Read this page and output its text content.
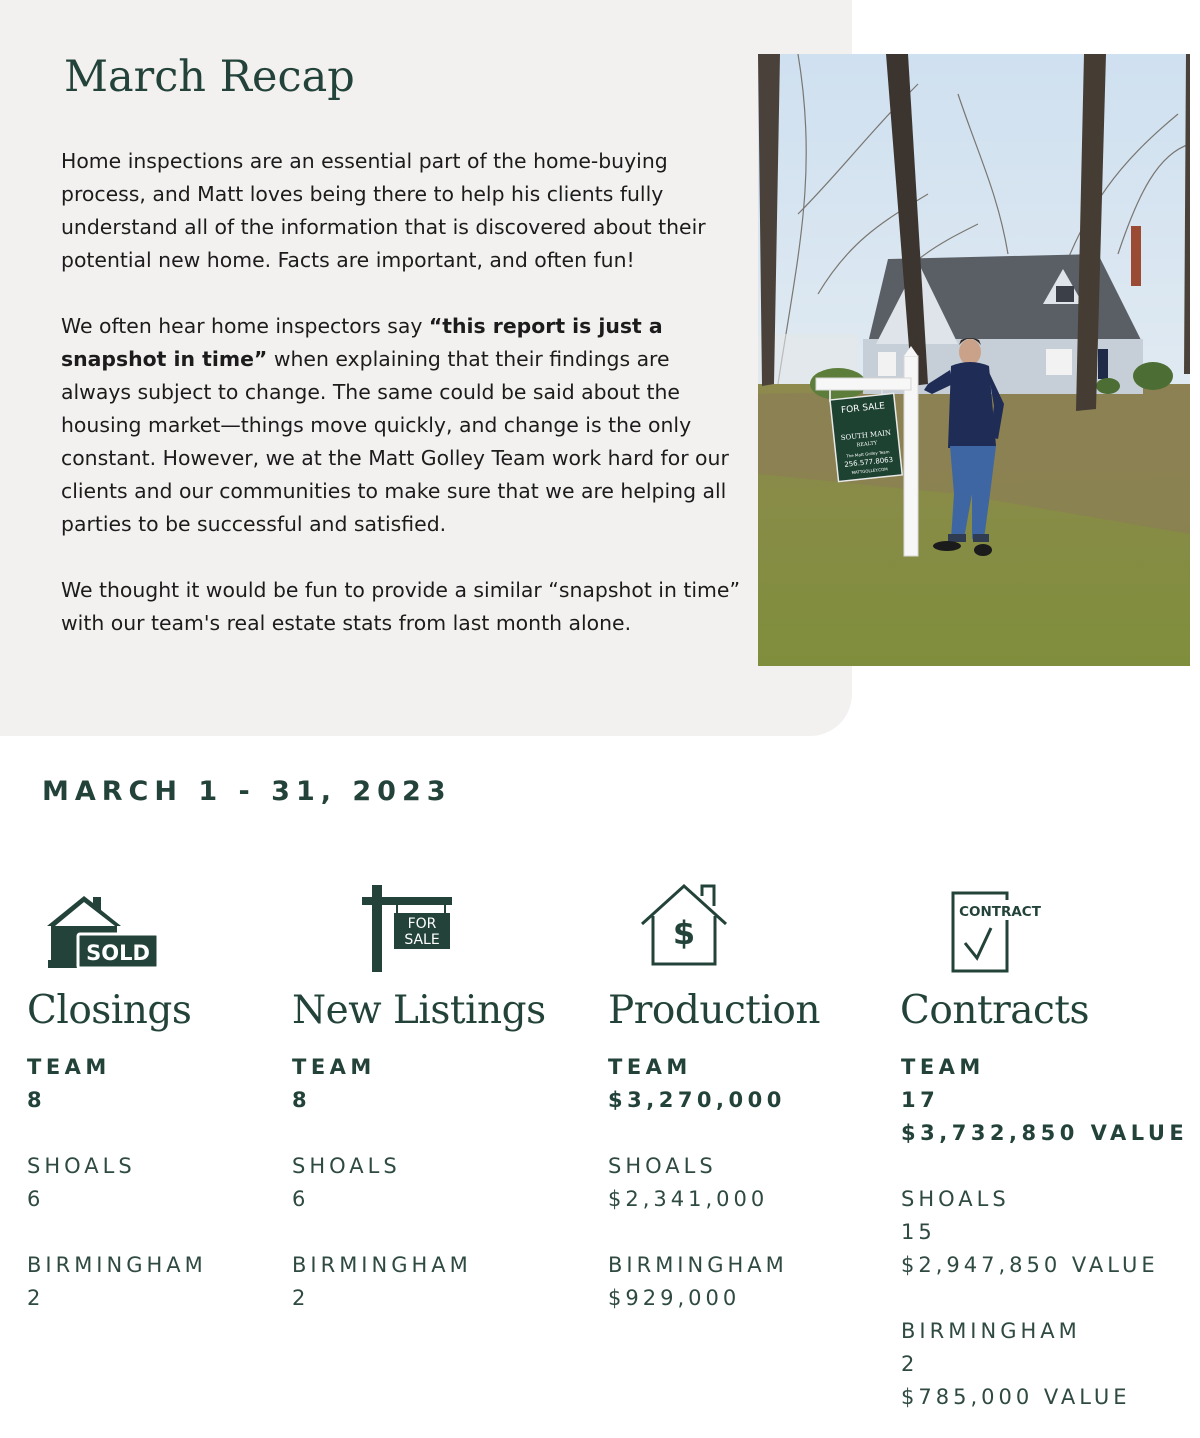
March Recap

Home inspections are an essential part of the home-buying process, and Matt loves being there to help his clients fully understand all of the information that is discovered about their potential new home. Facts are important, and often fun!

We often hear home inspectors say “this report is just a snapshot in time” when explaining that their findings are always subject to change. The same could be said about the housing market—things move quickly, and change is the only constant. However, we at the Matt Golley Team work hard for our clients and our communities to make sure that we are helping all parties to be successful and satisfied.

We thought it would be fun to provide a similar “snapshot in time” with our team's real estate stats from last month alone.

FOR SALE
SOUTH MAIN
REALTY
The Matt Golley Team
256.577.8063
MATTGOLLEY.COM
MARCH 1 - 31, 2023
SOLD
Closings
TEAM
8
SHOALS
6
BIRMINGHAM
2
FOR
SALE
New Listings
TEAM
8
SHOALS
6
BIRMINGHAM
2
$
Production
TEAM
$3,270,000
SHOALS
$2,341,000
BIRMINGHAM
$929,000
CONTRACT
Contracts
TEAM
17
$3,732,850 VALUE
SHOALS
15
$2,947,850 VALUE
BIRMINGHAM
2
$785,000 VALUE
